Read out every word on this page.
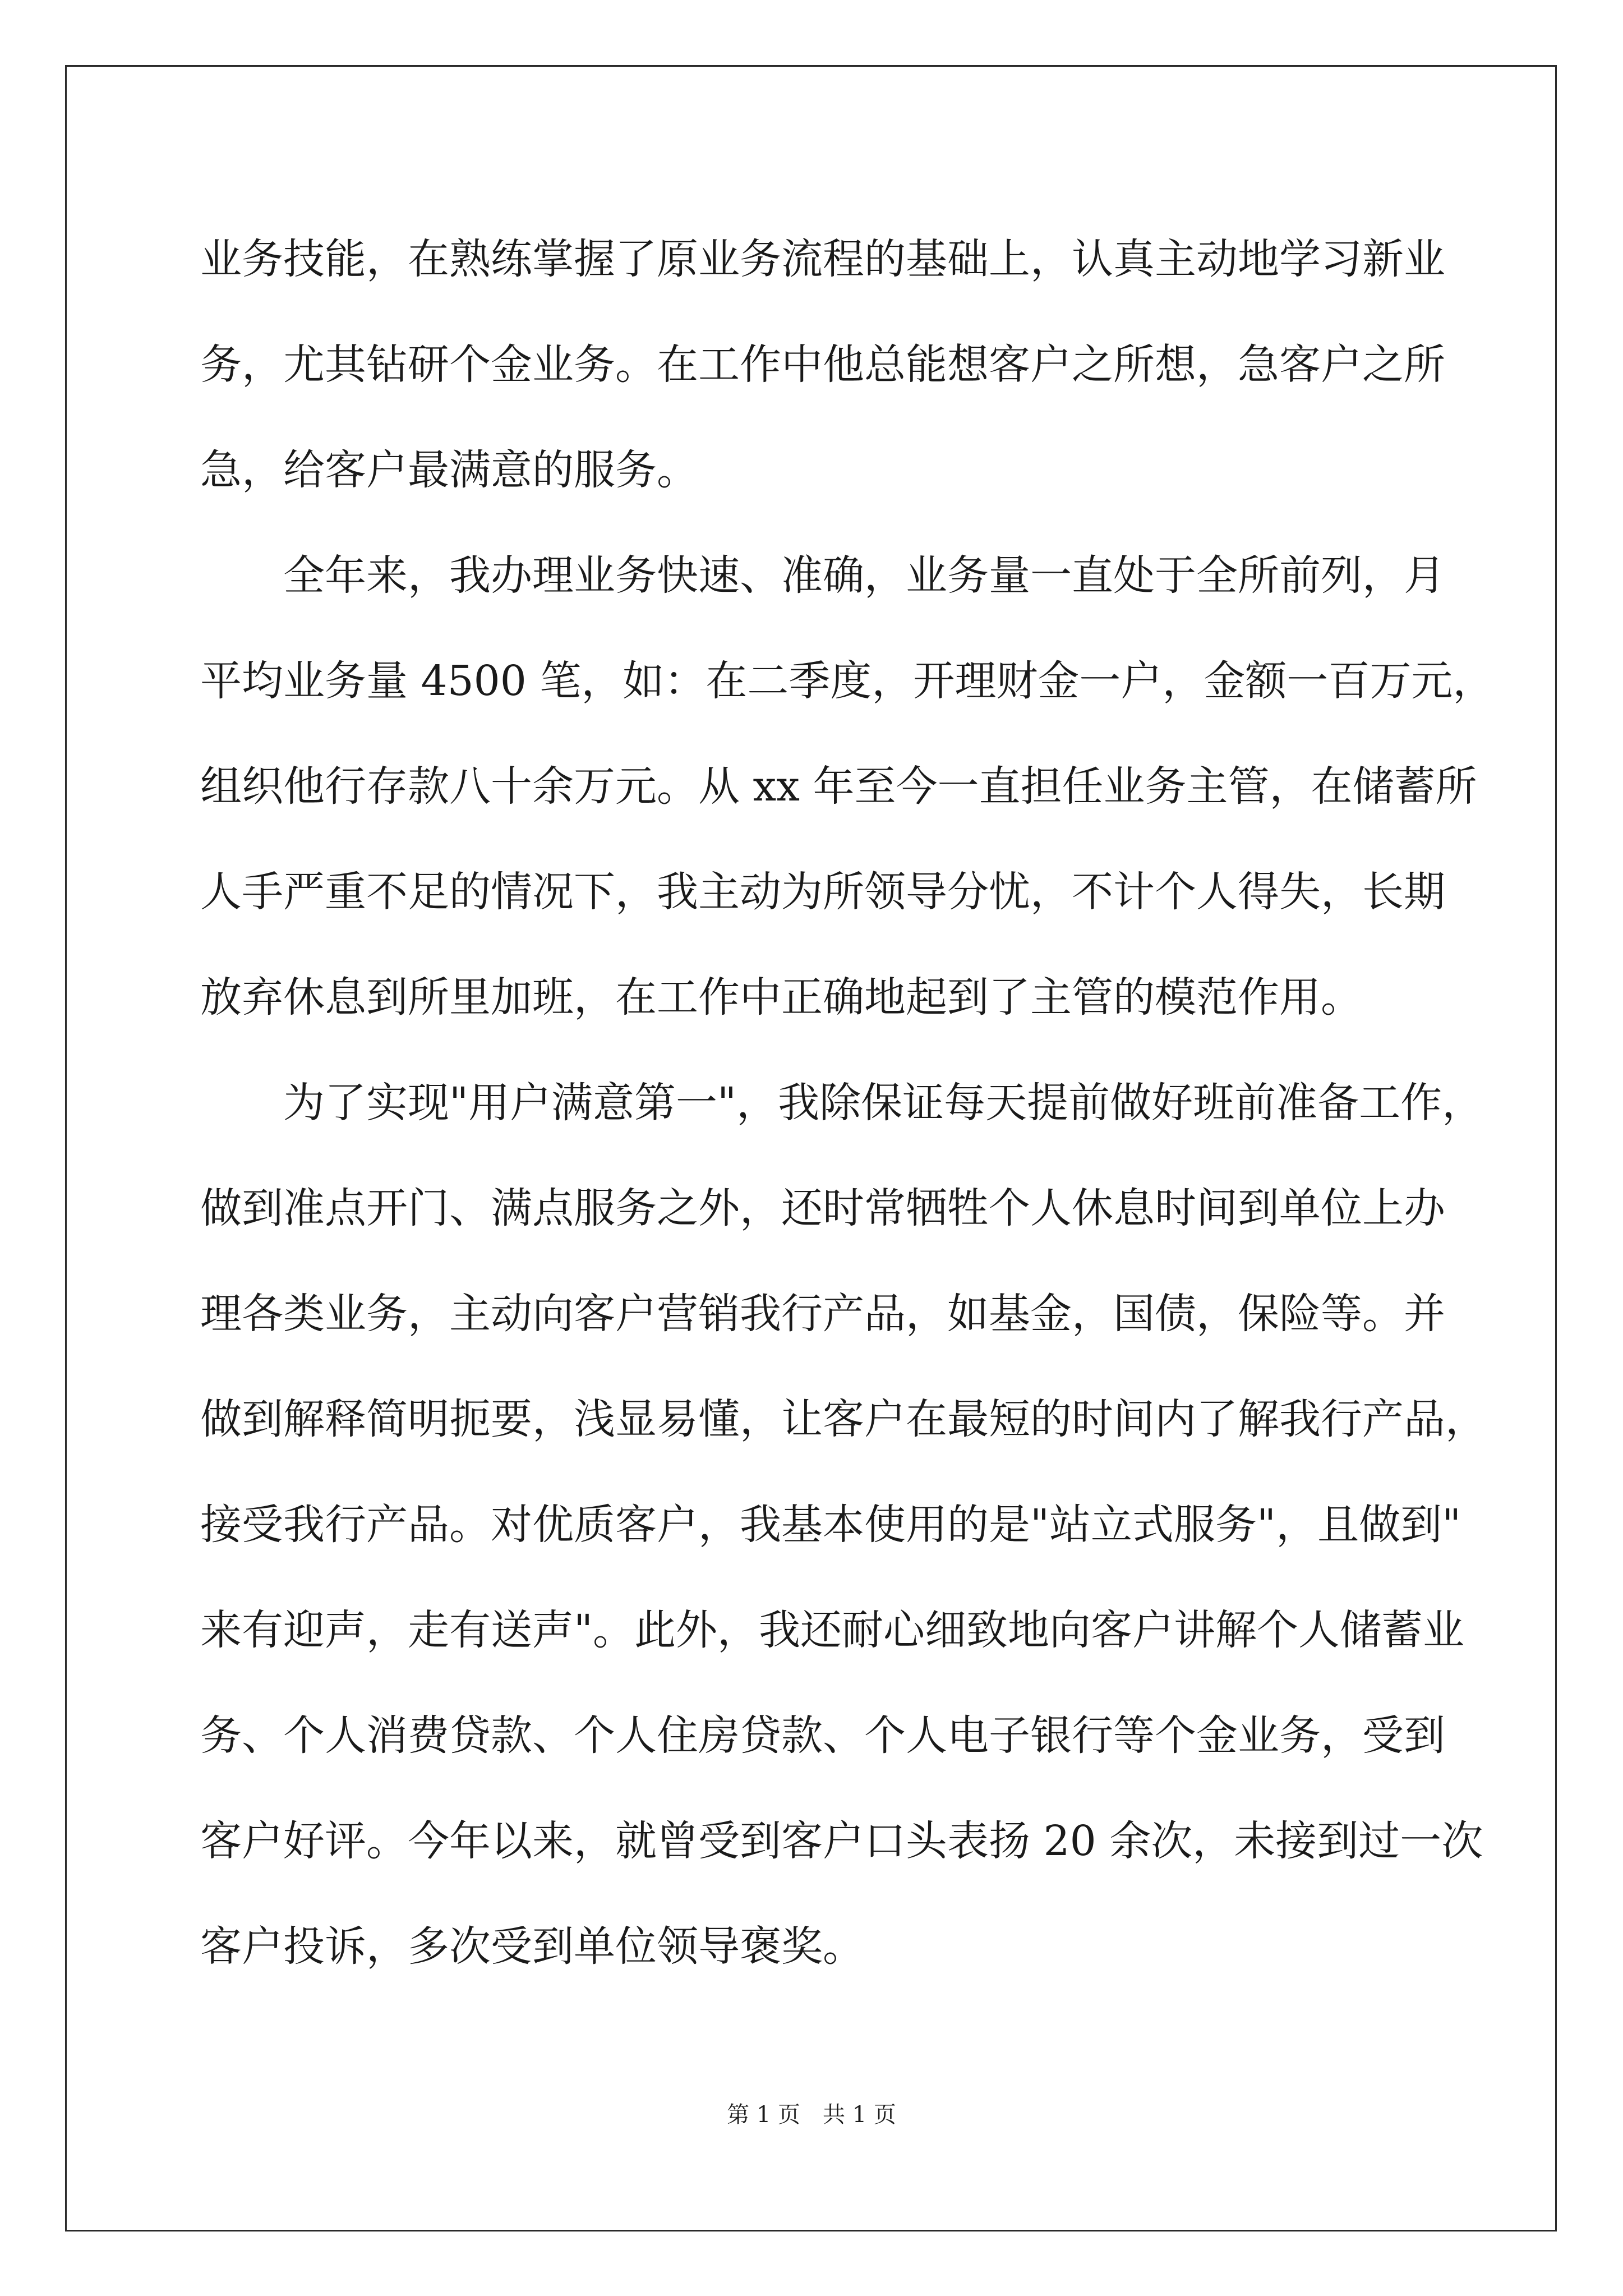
业务技能，在熟练掌握了原业务流程的基础上，认真主动地学习新业
务，尤其钻研个金业务。在工作中他总能想客户之所想，急客户之所
急，给客户最满意的服务。
　　全年来，我办理业务快速、准确，业务量一直处于全所前列，月
平均业务量 4500 笔，如：在二季度，开理财金一户，金额一百万元，
组织他行存款八十余万元。从 xx 年至今一直担任业务主管，在储蓄所
人手严重不足的情况下，我主动为所领导分忧，不计个人得失，长期
放弃休息到所里加班，在工作中正确地起到了主管的模范作用。
　　为了实现"用户满意第一"，我除保证每天提前做好班前准备工作，
做到准点开门、满点服务之外，还时常牺牲个人休息时间到单位上办
理各类业务，主动向客户营销我行产品，如基金，国债，保险等。并
做到解释简明扼要，浅显易懂，让客户在最短的时间内了解我行产品，
接受我行产品。对优质客户，我基本使用的是"站立式服务"，且做到"
来有迎声，走有送声"。此外，我还耐心细致地向客户讲解个人储蓄业
务、个人消费贷款、个人住房贷款、个人电子银行等个金业务，受到
客户好评。今年以来，就曾受到客户口头表扬 20 余次，未接到过一次
客户投诉，多次受到单位领导褒奖。
第 1 页　共 1 页
